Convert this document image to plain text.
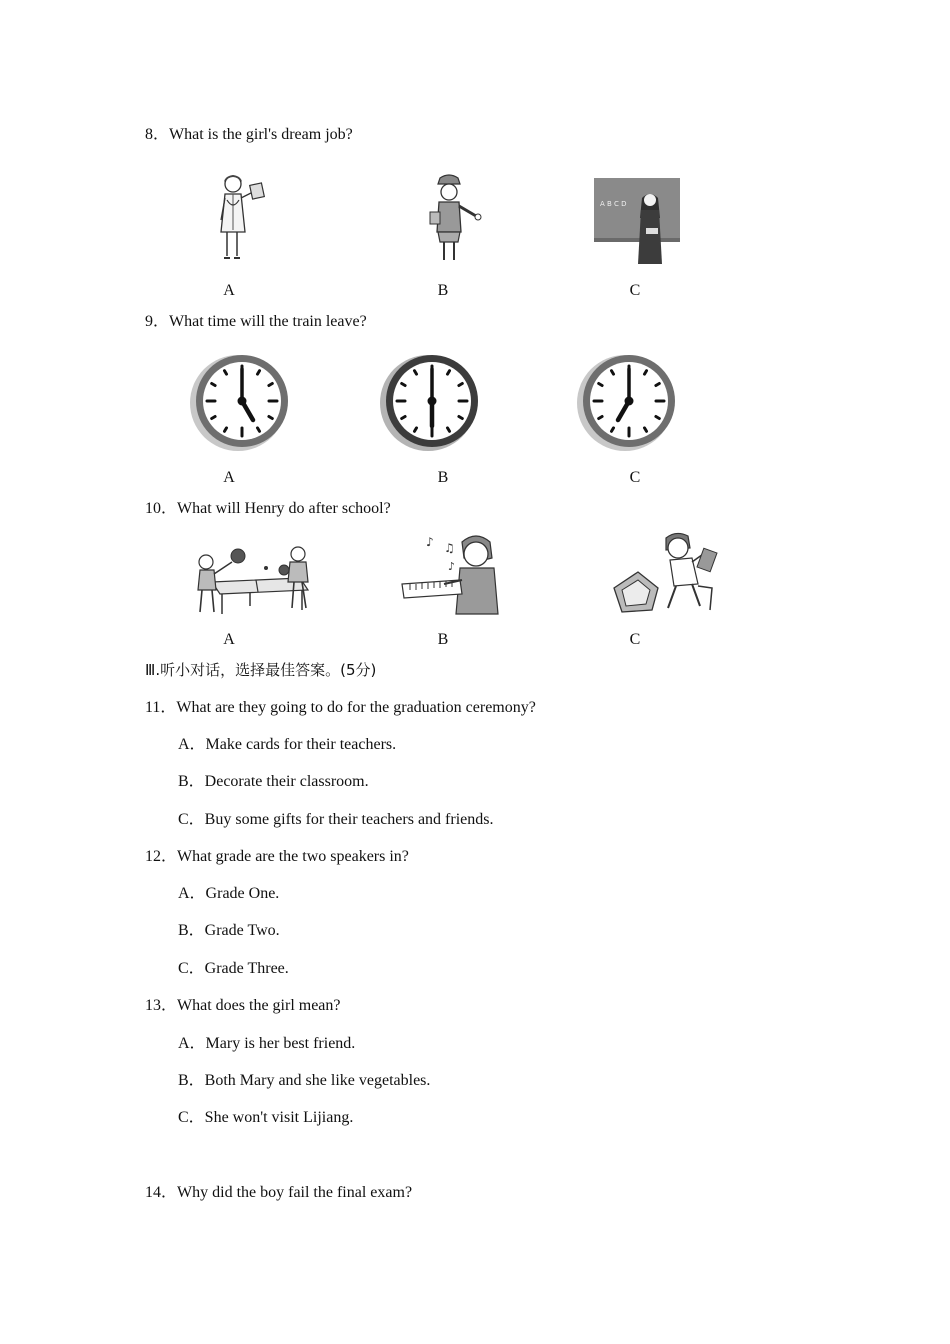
8．What is the girl's dream job?
A	B
A B C D
C
9．What time will the train leave?
A	B	C
10．What will Henry do after school?
A
♪ ♫
♪
B	C
Ⅲ.听小对话，选择最佳答案。(5分)
11．What are they going to do for the graduation ceremony?
A．Make cards for their teachers.
B．Decorate their classroom.
C．Buy some gifts for their teachers and friends.
12．What grade are the two speakers in?
A．Grade One.
B．Grade Two.
C．Grade Three.
13．What does the girl mean?
A．Mary is her best friend.
B．Both Mary and she like vegetables.
C．She won't visit Lijiang.
14．Why did the boy fail the final exam?
